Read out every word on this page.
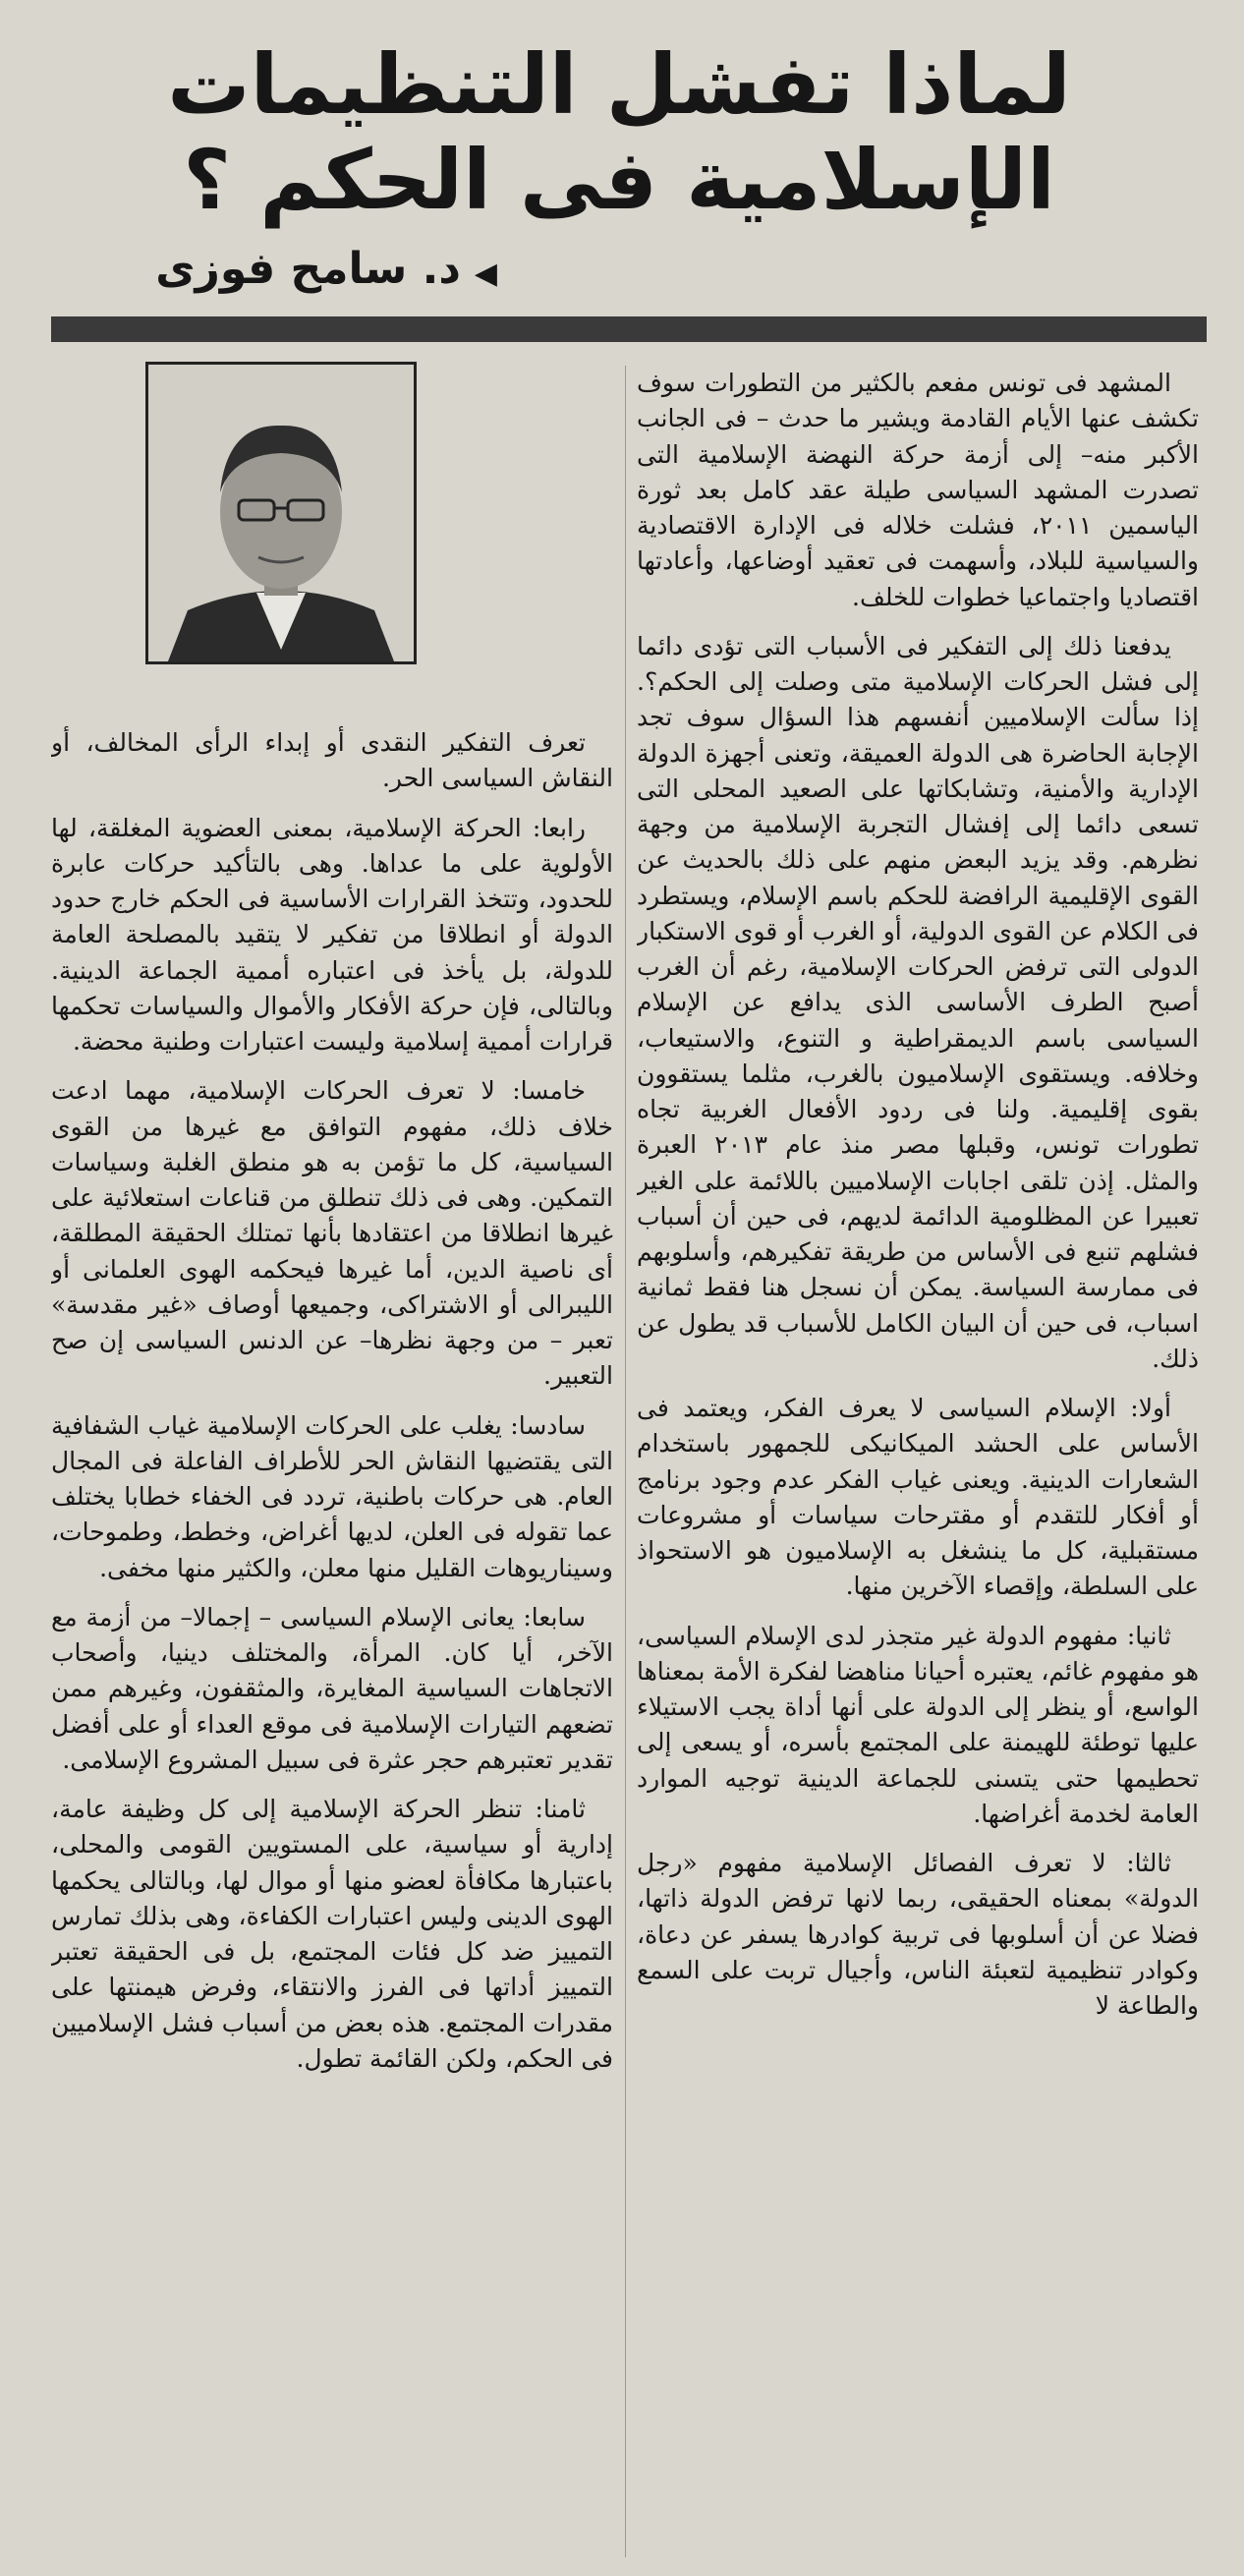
لماذا تفشل التنظيمات الإسلامية فى الحكم ؟
◀د. سامح فوزى

المشهد فى تونس مفعم بالكثير من التطورات سوف تكشف عنها الأيام القادمة ويشير ما حدث – فى الجانب الأكبر منه– إلى أزمة حركة النهضة الإسلامية التى تصدرت المشهد السياسى طيلة عقد كامل بعد ثورة الياسمين ٢٠١١، فشلت خلاله فى الإدارة الاقتصادية والسياسية للبلاد، وأسهمت فى تعقيد أوضاعها، وأعادتها اقتصاديا واجتماعيا خطوات للخلف.

يدفعنا ذلك إلى التفكير فى الأسباب التى تؤدى دائما إلى فشل الحركات الإسلامية متى وصلت إلى الحكم؟. إذا سألت الإسلاميين أنفسهم هذا السؤال سوف تجد الإجابة الحاضرة هى الدولة العميقة، وتعنى أجهزة الدولة الإدارية والأمنية، وتشابكاتها على الصعيد المحلى التى تسعى دائما إلى إفشال التجربة الإسلامية من وجهة نظرهم. وقد يزيد البعض منهم على ذلك بالحديث عن القوى الإقليمية الرافضة للحكم باسم الإسلام، ويستطرد فى الكلام عن القوى الدولية، أو الغرب أو قوى الاستكبار الدولى التى ترفض الحركات الإسلامية، رغم أن الغرب أصبح الطرف الأساسى الذى يدافع عن الإسلام السياسى باسم الديمقراطية و التنوع، والاستيعاب، وخلافه. ويستقوى الإسلاميون بالغرب، مثلما يستقوون بقوى إقليمية. ولنا فى ردود الأفعال الغربية تجاه تطورات تونس، وقبلها مصر منذ عام ٢٠١٣ العبرة والمثل. إذن تلقى اجابات الإسلاميين باللائمة على الغير تعبيرا عن المظلومية الدائمة لديهم، فى حين أن أسباب فشلهم تنبع فى الأساس من طريقة تفكيرهم، وأسلوبهم فى ممارسة السياسة. يمكن أن نسجل هنا فقط ثمانية اسباب، فى حين أن البيان الكامل للأسباب قد يطول عن ذلك.

أولا: الإسلام السياسى لا يعرف الفكر، ويعتمد فى الأساس على الحشد الميكانيكى للجمهور باستخدام الشعارات الدينية. ويعنى غياب الفكر عدم وجود برنامج أو أفكار للتقدم أو مقترحات سياسات أو مشروعات مستقبلية، كل ما ينشغل به الإسلاميون هو الاستحواذ على السلطة، وإقصاء الآخرين منها.

ثانيا: مفهوم الدولة غير متجذر لدى الإسلام السياسى، هو مفهوم غائم، يعتبره أحيانا مناهضا لفكرة الأمة بمعناها الواسع، أو ينظر إلى الدولة على أنها أداة يجب الاستيلاء عليها توطئة للهيمنة على المجتمع بأسره، أو يسعى إلى تحطيمها حتى يتسنى للجماعة الدينية توجيه الموارد العامة لخدمة أغراضها.

ثالثا: لا تعرف الفصائل الإسلامية مفهوم «رجل الدولة» بمعناه الحقيقى، ربما لانها ترفض الدولة ذاتها، فضلا عن أن أسلوبها فى تربية كوادرها يسفر عن دعاة، وكوادر تنظيمية لتعبئة الناس، وأجيال تربت على السمع والطاعة لا

تعرف التفكير النقدى أو إبداء الرأى المخالف، أو النقاش السياسى الحر.

رابعا: الحركة الإسلامية، بمعنى العضوية المغلقة، لها الأولوية على ما عداها. وهى بالتأكيد حركات عابرة للحدود، وتتخذ القرارات الأساسية فى الحكم خارج حدود الدولة أو انطلاقا من تفكير لا يتقيد بالمصلحة العامة للدولة، بل يأخذ فى اعتباره أممية الجماعة الدينية. وبالتالى، فإن حركة الأفكار والأموال والسياسات تحكمها قرارات أممية إسلامية وليست اعتبارات وطنية محضة.

خامسا: لا تعرف الحركات الإسلامية، مهما ادعت خلاف ذلك، مفهوم التوافق مع غيرها من القوى السياسية، كل ما تؤمن به هو منطق الغلبة وسياسات التمكين. وهى فى ذلك تنطلق من قناعات استعلائية على غيرها انطلاقا من اعتقادها بأنها تمتلك الحقيقة المطلقة، أى ناصية الدين، أما غيرها فيحكمه الهوى العلمانى أو الليبرالى أو الاشتراكى، وجميعها أوصاف «غير مقدسة» تعبر – من وجهة نظرها– عن الدنس السياسى إن صح التعبير.

سادسا: يغلب على الحركات الإسلامية غياب الشفافية التى يقتضيها النقاش الحر للأطراف الفاعلة فى المجال العام. هى حركات باطنية، تردد فى الخفاء خطابا يختلف عما تقوله فى العلن، لديها أغراض، وخطط، وطموحات، وسيناريوهات القليل منها معلن، والكثير منها مخفى.

سابعا: يعانى الإسلام السياسى – إجمالا– من أزمة مع الآخر، أيا كان. المرأة، والمختلف دينيا، وأصحاب الاتجاهات السياسية المغايرة، والمثقفون، وغيرهم ممن تضعهم التيارات الإسلامية فى موقع العداء أو على أفضل تقدير تعتبرهم حجر عثرة فى سبيل المشروع الإسلامى.

ثامنا: تنظر الحركة الإسلامية إلى كل وظيفة عامة، إدارية أو سياسية، على المستويين القومى والمحلى، باعتبارها مكافأة لعضو منها أو موال لها، وبالتالى يحكمها الهوى الدينى وليس اعتبارات الكفاءة، وهى بذلك تمارس التمييز ضد كل فئات المجتمع، بل فى الحقيقة تعتبر التمييز أداتها فى الفرز والانتقاء، وفرض هيمنتها على مقدرات المجتمع. هذه بعض من أسباب فشل الإسلاميين فى الحكم، ولكن القائمة تطول.
